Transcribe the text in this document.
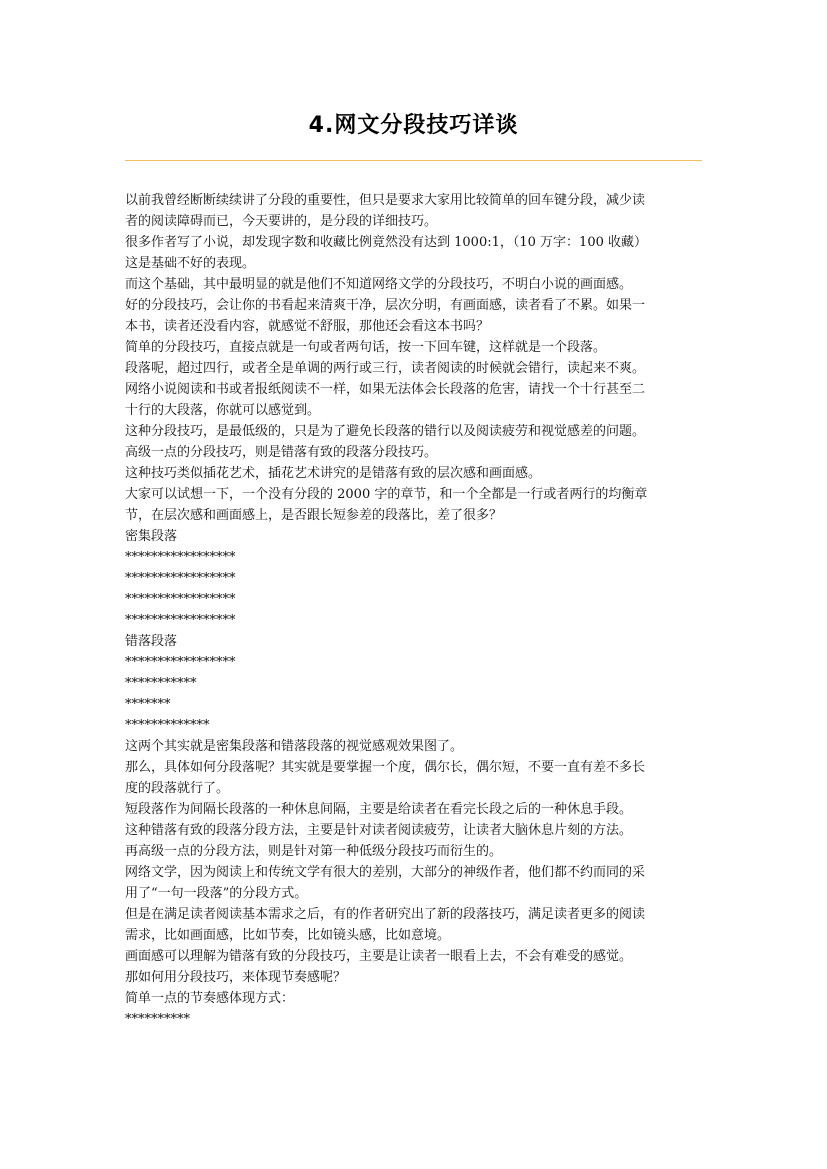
4.网文分段技巧详谈

以前我曾经断断续续讲了分段的重要性，但只是要求大家用比较简单的回车键分段，减少读

者的阅读障碍而已，今天要讲的，是分段的详细技巧。

很多作者写了小说，却发现字数和收藏比例竟然没有达到 1000:1，（10 万字：100 收藏）

这是基础不好的表现。

而这个基础，其中最明显的就是他们不知道网络文学的分段技巧，不明白小说的画面感。

好的分段技巧，会让你的书看起来清爽干净，层次分明，有画面感，读者看了不累。如果一

本书，读者还没看内容，就感觉不舒服，那他还会看这本书吗？

简单的分段技巧，直接点就是一句或者两句话，按一下回车键，这样就是一个段落。

段落呢，超过四行，或者全是单调的两行或三行，读者阅读的时候就会错行，读起来不爽。

网络小说阅读和书或者报纸阅读不一样，如果无法体会长段落的危害，请找一个十行甚至二

十行的大段落，你就可以感觉到。

这种分段技巧，是最低级的，只是为了避免长段落的错行以及阅读疲劳和视觉感差的问题。

高级一点的分段技巧，则是错落有致的段落分段技巧。

这种技巧类似插花艺术，插花艺术讲究的是错落有致的层次感和画面感。

大家可以试想一下，一个没有分段的 2000 字的章节，和一个全都是一行或者两行的均衡章

节，在层次感和画面感上，是否跟长短参差的段落比，差了很多？

密集段落

*****************

*****************

*****************

*****************

错落段落

*****************

***********

*******

*************

这两个其实就是密集段落和错落段落的视觉感观效果图了。

那么，具体如何分段落呢？其实就是要掌握一个度，偶尔长，偶尔短，不要一直有差不多长

度的段落就行了。

短段落作为间隔长段落的一种休息间隔，主要是给读者在看完长段之后的一种休息手段。

这种错落有致的段落分段方法，主要是针对读者阅读疲劳，让读者大脑休息片刻的方法。

再高级一点的分段方法，则是针对第一种低级分段技巧而衍生的。

网络文学，因为阅读上和传统文学有很大的差别，大部分的神级作者，他们都不约而同的采

用了“一句一段落”的分段方式。

但是在满足读者阅读基本需求之后，有的作者研究出了新的段落技巧，满足读者更多的阅读

需求，比如画面感，比如节奏，比如镜头感，比如意境。

画面感可以理解为错落有致的分段技巧，主要是让读者一眼看上去，不会有难受的感觉。

那如何用分段技巧，来体现节奏感呢？

简单一点的节奏感体现方式：

**********
